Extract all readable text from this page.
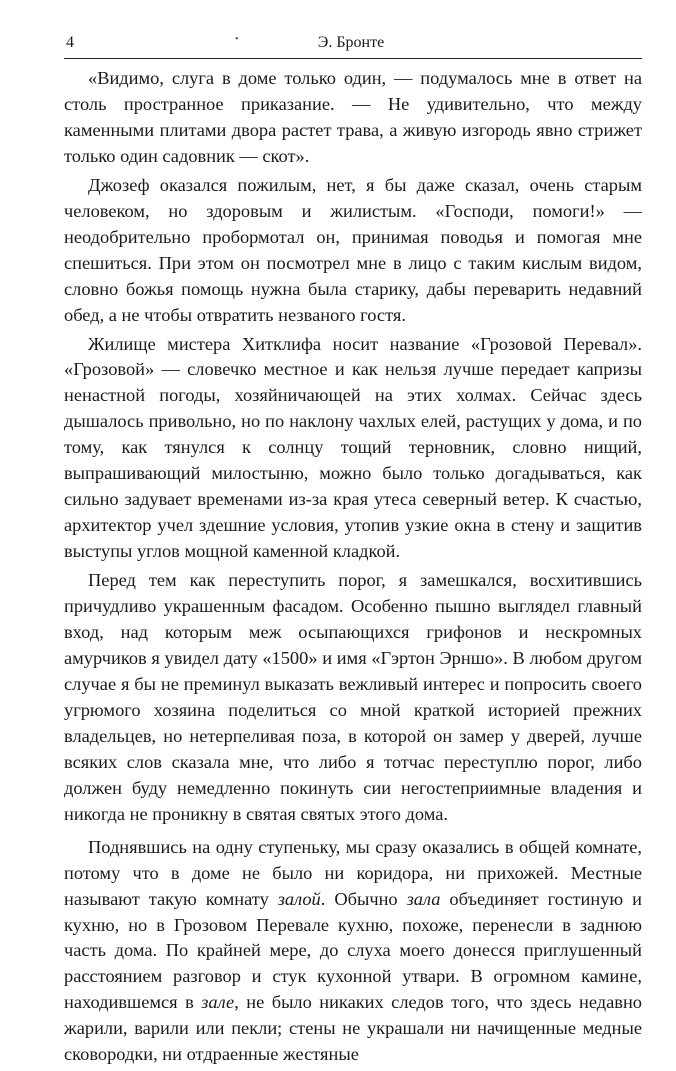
4	•	Э. Бронте

«Видимо, слуга в доме только один, — подумалось мне в ответ на столь пространное приказание. — Не удивительно, что между каменными плитами двора растет трава, а живую изгородь явно стрижет только один садовник — скот».

Джозеф оказался пожилым, нет, я бы даже сказал, очень старым человеком, но здоровым и жилистым. «Господи, помоги!» — неодобрительно пробормотал он, принимая поводья и помогая мне спешиться. При этом он посмотрел мне в лицо с таким кислым видом, словно божья помощь нужна была старику, дабы переварить недавний обед, а не чтобы отвратить незваного гостя.

Жилище мистера Хитклифа носит название «Грозовой Перевал». «Грозовой» — словечко местное и как нельзя лучше передает капризы ненастной погоды, хозяйничающей на этих холмах. Сейчас здесь дышалось привольно, но по наклону чахлых елей, растущих у дома, и по тому, как тянулся к солнцу тощий терновник, словно нищий, выпрашивающий милостыню, можно было только догадываться, как сильно задувает временами из-за края утеса северный ветер. К счастью, архитектор учел здешние условия, утопив узкие окна в стену и защитив выступы углов мощной каменной кладкой.

Перед тем как переступить порог, я замешкался, восхитившись причудливо украшенным фасадом. Особенно пышно выглядел главный вход, над которым меж осыпающихся грифонов и нескромных амурчиков я увидел дату «1500» и имя «Гэртон Эрншо». В любом другом случае я бы не преминул выказать вежливый интерес и попросить своего угрюмого хозяина поделиться со мной краткой историей прежних владельцев, но нетерпеливая поза, в которой он замер у дверей, лучше всяких слов сказала мне, что либо я тотчас переступлю порог, либо должен буду немедленно покинуть сии негостеприимные владения и никогда не проникну в святая святых этого дома.

Поднявшись на одну ступеньку, мы сразу оказались в общей комнате, потому что в доме не было ни коридора, ни прихожей. Местные называют такую комнату залой. Обычно зала объединяет гостиную и кухню, но в Грозовом Перевале кухню, похоже, перенесли в заднюю часть дома. По крайней мере, до слуха моего донесся приглушенный расстоянием разговор и стук кухонной утвари. В огромном камине, находившемся в зале, не было никаких следов того, что здесь недавно жарили, варили или пекли; стены не украшали ни начищенные медные сковородки, ни отдраенные жестяные
